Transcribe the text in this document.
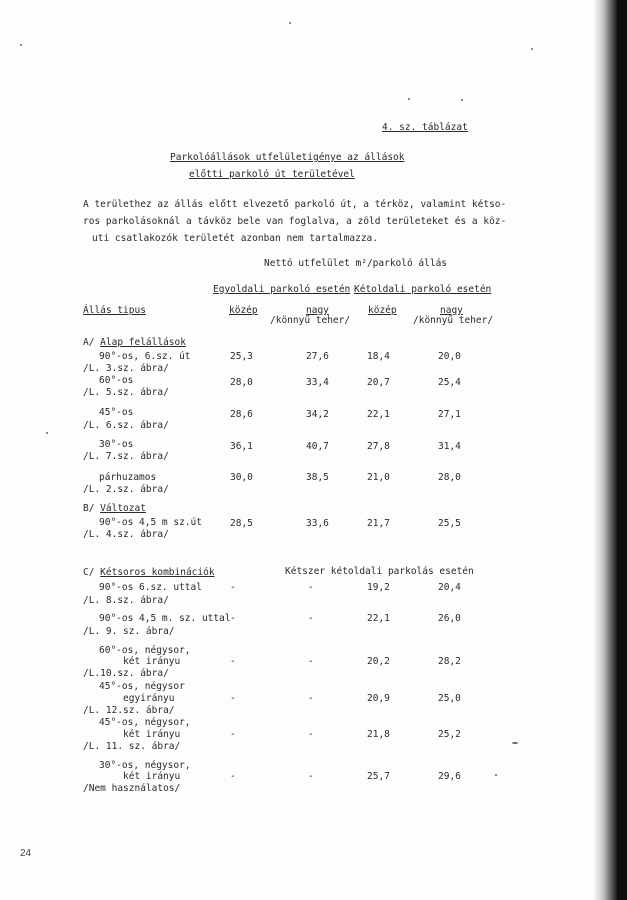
4. sz. táblázat
Parkolóállások utfelületigénye az állások
előtti parkoló út területével
A területhez az állás előtt elvezető parkoló út, a térköz, valamint kétso-
ros parkolásoknál a távköz bele van foglalva, a zöld területeket és a köz-
uti csatlakozók területét azonban nem tartalmazza.
Nettó utfelület m²/parkoló állás
Egyoldali parkoló esetén Kétoldali parkoló esetén
Állás tipus	közép	nagy
/könnyű teher/
közép	nagy
/könnyű teher/
A/ Alap felállások
90°-os, 6.sz. út
/L. 3.sz. ábra/
25,3	27,6	18,4	20,0
60°-os
/L. 5.sz. ábra/
28,0	33,4	20,7	25,4
45°-os
/L. 6.sz. ábra/
28,6	34,2	22,1	27,1
30°-os
/L. 7.sz. ábra/
36,1	40,7	27,8	31,4
párhuzamos
/L. 2.sz. ábra/
30,0	38,5	21,0	28,0
B/ Változat
90°-os 4,5 m sz.út
/L. 4.sz. ábra/
28,5	33,6	21,7	25,5
C/ Kétsoros kombinációk	Kétszer kétoldali parkolás esetén
90°-os 6.sz. uttal
/L. 8.sz. ábra/
-	-	19,2	20,4
90°-os 4,5 m. sz. uttal
/L. 9. sz. ábra/
-	-	22,1	26,0
60°-os, négysor,
két irányu
/L.10.sz. ábra/
-	-	20,2	28,2
45°-os, négysor
egyirányu
/L. 12.sz. ábra/
-	-	20,9	25,0
45°-os, négysor,
két irányu
/L. 11. sz. ábra/
-	-	21,8	25,2
30°-os, négysor,
két irányu
/Nem használatos/
-	-	25,7	29,6
24
